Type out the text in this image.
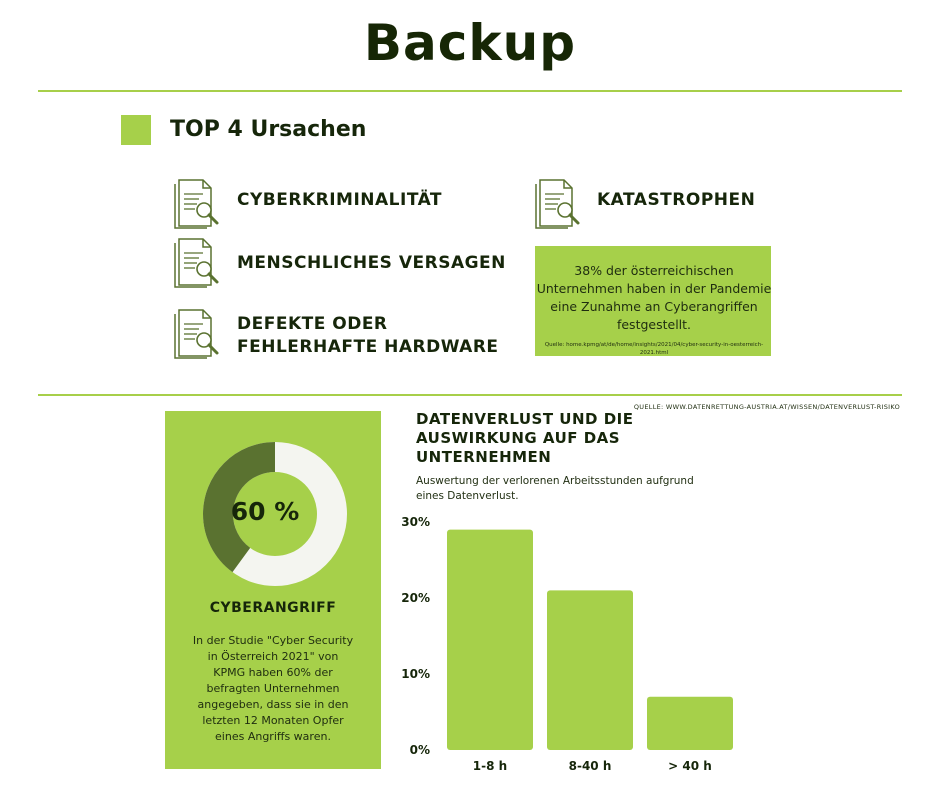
Backup
TOP 4 Ursachen
CYBERKRIMINALITÄT
MENSCHLICHES VERSAGEN
DEFEKTE ODER FEHLERHAFTE HARDWARE
KATASTROPHEN
38% der österreichischen Unternehmen haben in der Pandemie eine Zunahme an Cyberangriffen festgestellt.
Quelle: home.kpmg/at/de/home/insights/2021/04/cyber-security-in-oesterreich-2021.html
QUELLE: WWW.DATENRETTUNG-AUSTRIA.AT/WISSEN/DATENVERLUST-RISIKO
60 %
CYBERANGRIFF
In der Studie "Cyber Security in Österreich 2021" von KPMG haben 60% der befragten Unternehmen angegeben, dass sie in den letzten 12 Monaten Opfer eines Angriffs waren.
DATENVERLUST UND DIE AUSWIRKUNG AUF DAS UNTERNEHMEN
Auswertung der verlorenen Arbeitsstunden aufgrund eines Datenverlust.
0%
10%
20%
30%
1-8 h	8-40 h	> 40 h
